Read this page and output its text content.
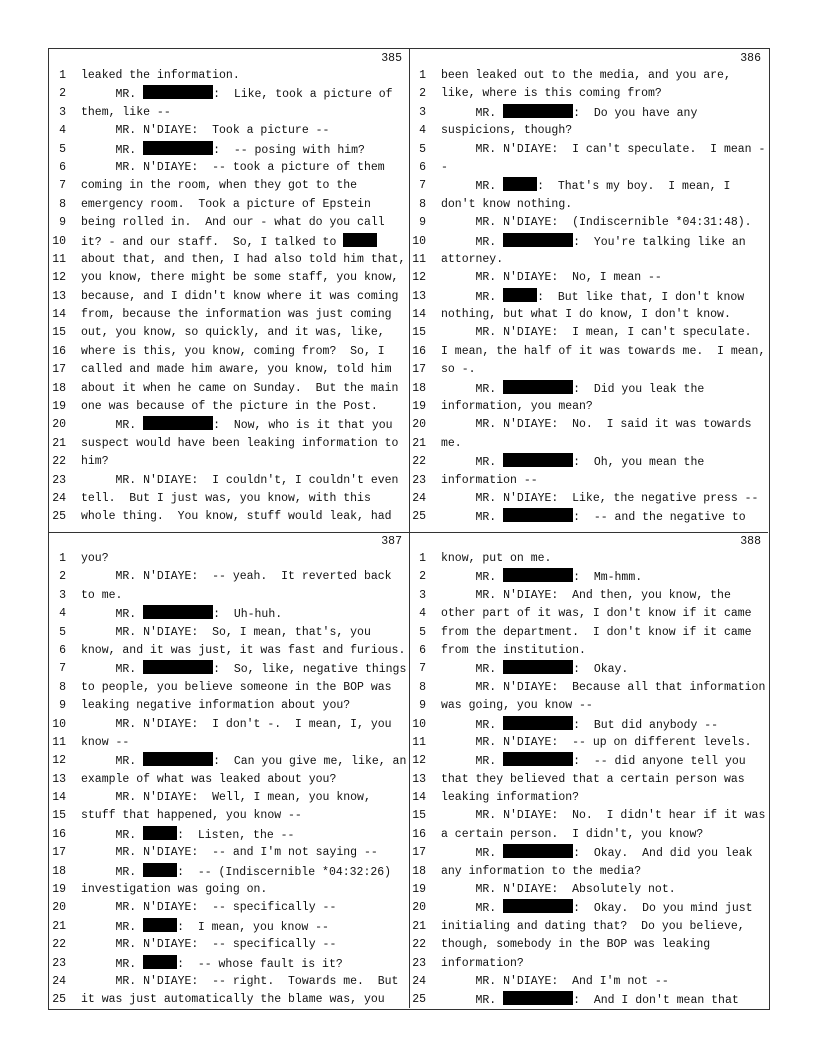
385
1 leaked the information.
2 MR.	:  Like, took a picture of
3 them, like --
4 MR. N'DIAYE:  Took a picture --
5 MR.	:  -- posing with him?
6 MR. N'DIAYE:  -- took a picture of them
7 coming in the room, when they got to the
8 emergency room.  Took a picture of Epstein
9 being rolled in.  And our - what do you call
10 it? - and our staff.  So, I talked to
11 about that, and then, I had also told him that,
12 you know, there might be some staff, you know,
13 because, and I didn't know where it was coming
14 from, because the information was just coming
15 out, you know, so quickly, and it was, like,
16 where is this, you know, coming from?  So, I
17 called and made him aware, you know, told him
18 about it when he came on Sunday.  But the main
19 one was because of the picture in the Post.
20 MR.	:  Now, who is it that you
21 suspect would have been leaking information to
22 him?
23 MR. N'DIAYE:  I couldn't, I couldn't even
24 tell.  But I just was, you know, with this
25 whole thing.  You know, stuff would leak, had
386
1 been leaked out to the media, and you are,
2 like, where is this coming from?
3 MR.	:  Do you have any
4 suspicions, though?
5 MR. N'DIAYE:  I can't speculate.  I mean -
6 -
7 MR.	:  That's my boy.  I mean, I
8 don't know nothing.
9 MR. N'DIAYE:  (Indiscernible *04:31:48).
10 MR.	:  You're talking like an
11 attorney.
12 MR. N'DIAYE:  No, I mean --
13 MR.	:  But like that, I don't know
14 nothing, but what I do know, I don't know.
15 MR. N'DIAYE:  I mean, I can't speculate.
16 I mean, the half of it was towards me.  I mean,
17 so -.
18 MR.	:  Did you leak the
19 information, you mean?
20 MR. N'DIAYE:  No.  I said it was towards
21 me.
22 MR.	:  Oh, you mean the
23 information --
24 MR. N'DIAYE:  Like, the negative press --
25 MR.	:  -- and the negative to
387
1 you?
2 MR. N'DIAYE:  -- yeah.  It reverted back
3 to me.
4 MR.	:  Uh-huh.
5 MR. N'DIAYE:  So, I mean, that's, you
6 know, and it was just, it was fast and furious.
7 MR.	:  So, like, negative things
8 to people, you believe someone in the BOP was
9 leaking negative information about you?
10 MR. N'DIAYE:  I don't -.  I mean, I, you
11 know --
12 MR.	:  Can you give me, like, an
13 example of what was leaked about you?
14 MR. N'DIAYE:  Well, I mean, you know,
15 stuff that happened, you know --
16 MR.	:  Listen, the --
17 MR. N'DIAYE:  -- and I'm not saying --
18 MR.	:  -- (Indiscernible *04:32:26)
19 investigation was going on.
20 MR. N'DIAYE:  -- specifically --
21 MR.	:  I mean, you know --
22 MR. N'DIAYE:  -- specifically --
23 MR.	:  -- whose fault is it?
24 MR. N'DIAYE:  -- right.  Towards me.  But
25 it was just automatically the blame was, you
388
1 know, put on me.
2 MR.	:  Mm-hmm.
3 MR. N'DIAYE:  And then, you know, the
4 other part of it was, I don't know if it came
5 from the department.  I don't know if it came
6 from the institution.
7 MR.	:  Okay.
8 MR. N'DIAYE:  Because all that information
9 was going, you know --
10 MR.	:  But did anybody --
11 MR. N'DIAYE:  -- up on different levels.
12 MR.	:  -- did anyone tell you
13 that they believed that a certain person was
14 leaking information?
15 MR. N'DIAYE:  No.  I didn't hear if it was
16 a certain person.  I didn't, you know?
17 MR.	:  Okay.  And did you leak
18 any information to the media?
19 MR. N'DIAYE:  Absolutely not.
20 MR.	:  Okay.  Do you mind just
21 initialing and dating that?  Do you believe,
22 though, somebody in the BOP was leaking
23 information?
24 MR. N'DIAYE:  And I'm not --
25 MR.	:  And I don't mean that
